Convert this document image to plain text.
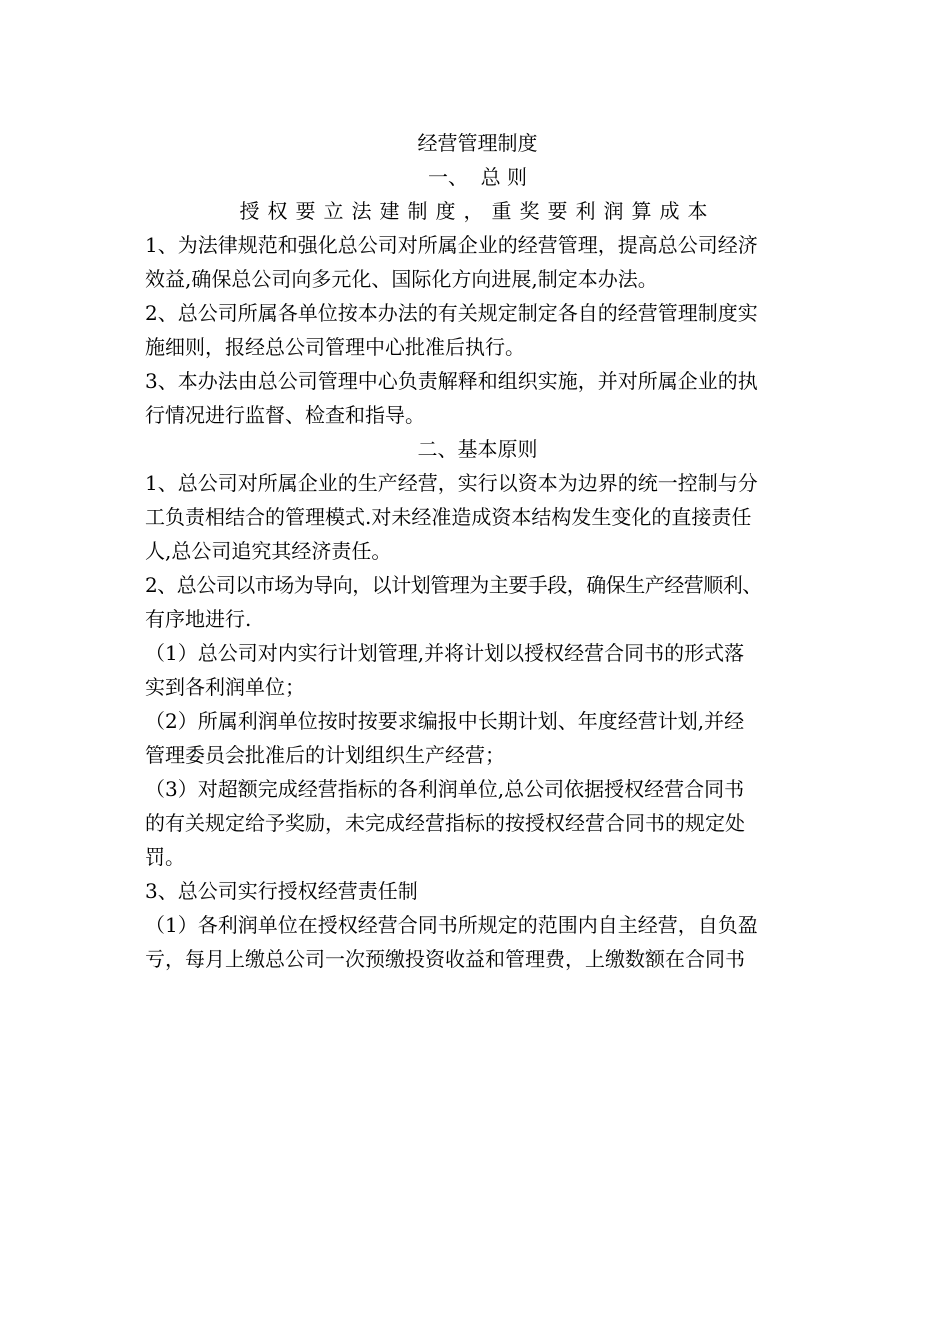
经营管理制度
一、  总 则
授权要立法建制度，重奖要利润算成本
1、为法律规范和强化总公司对所属企业的经营管理，提高总公司经济
效益,确保总公司向多元化、国际化方向进展,制定本办法。
2、总公司所属各单位按本办法的有关规定制定各自的经营管理制度实
施细则，报经总公司管理中心批准后执行。
3、本办法由总公司管理中心负责解释和组织实施，并对所属企业的执
行情况进行监督、检查和指导。
二、基本原则
1、总公司对所属企业的生产经营，实行以资本为边界的统一控制与分
工负责相结合的管理模式.对未经准造成资本结构发生变化的直接责任
人,总公司追究其经济责任。
2、总公司以市场为导向，以计划管理为主要手段，确保生产经营顺利、
有序地进行.
（1）总公司对内实行计划管理,并将计划以授权经营合同书的形式落
实到各利润单位；
（2）所属利润单位按时按要求编报中长期计划、年度经营计划,并经
管理委员会批准后的计划组织生产经营；
（3）对超额完成经营指标的各利润单位,总公司依据授权经营合同书
的有关规定给予奖励，未完成经营指标的按授权经营合同书的规定处
罚。
3、总公司实行授权经营责任制
（1）各利润单位在授权经营合同书所规定的范围内自主经营，自负盈
亏，每月上缴总公司一次预缴投资收益和管理费，上缴数额在合同书
